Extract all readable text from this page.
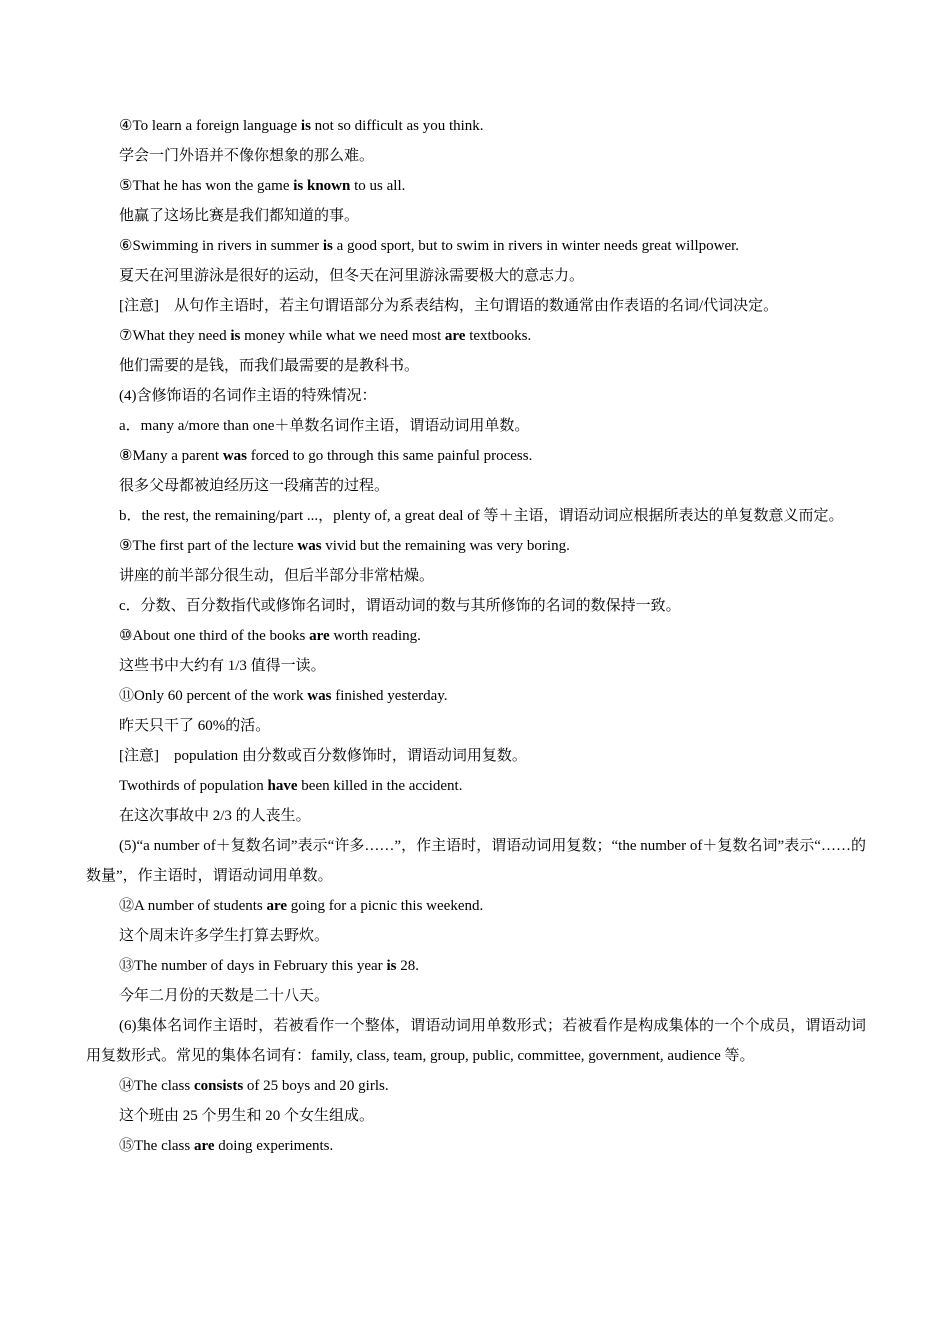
④To learn a foreign language is not so difficult as you think.

学会一门外语并不像你想象的那么难。

⑤That he has won the game is known to us all.

他赢了这场比赛是我们都知道的事。

⑥Swimming in rivers in summer is a good sport, but to swim in rivers in winter needs great willpower.

夏天在河里游泳是很好的运动，但冬天在河里游泳需要极大的意志力。

[注意]　从句作主语时，若主句谓语部分为系表结构，主句谓语的数通常由作表语的名词/代词决定。

⑦What they need is money while what we need most are textbooks.

他们需要的是钱，而我们最需要的是教科书。

(4)含修饰语的名词作主语的特殊情况：

a．many a/more than one＋单数名词作主语，谓语动词用单数。

⑧Many a parent was forced to go through this same painful process.

很多父母都被迫经历这一段痛苦的过程。

b．the rest, the remaining/part ...，plenty of, a great deal of 等＋主语，谓语动词应根据所表达的单复数意义而定。

⑨The first part of the lecture was vivid but the remaining was very boring.

讲座的前半部分很生动，但后半部分非常枯燥。

c．分数、百分数指代或修饰名词时，谓语动词的数与其所修饰的名词的数保持一致。

⑩About one third of the books are worth reading.

这些书中大约有 1/3 值得一读。

⑪Only 60 percent of the work was finished yesterday.

昨天只干了 60%的活。

[注意]　population 由分数或百分数修饰时，谓语动词用复数。

Twothirds of population have been killed in the accident.

在这次事故中 2/3 的人丧生。

(5)“a number of＋复数名词”表示“许多……”，作主语时，谓语动词用复数；“the number of＋复数名词”表示“……的数量”，作主语时，谓语动词用单数。

⑫A number of students are going for a picnic this weekend.

这个周末许多学生打算去野炊。

⑬The number of days in February this year is 28.

今年二月份的天数是二十八天。

(6)集体名词作主语时，若被看作一个整体，谓语动词用单数形式；若被看作是构成集体的一个个成员，谓语动词用复数形式。常见的集体名词有：family, class, team, group, public, committee, government, audience 等。

⑭The class consists of 25 boys and 20 girls.

这个班由 25 个男生和 20 个女生组成。

⑮The class are doing experiments.
